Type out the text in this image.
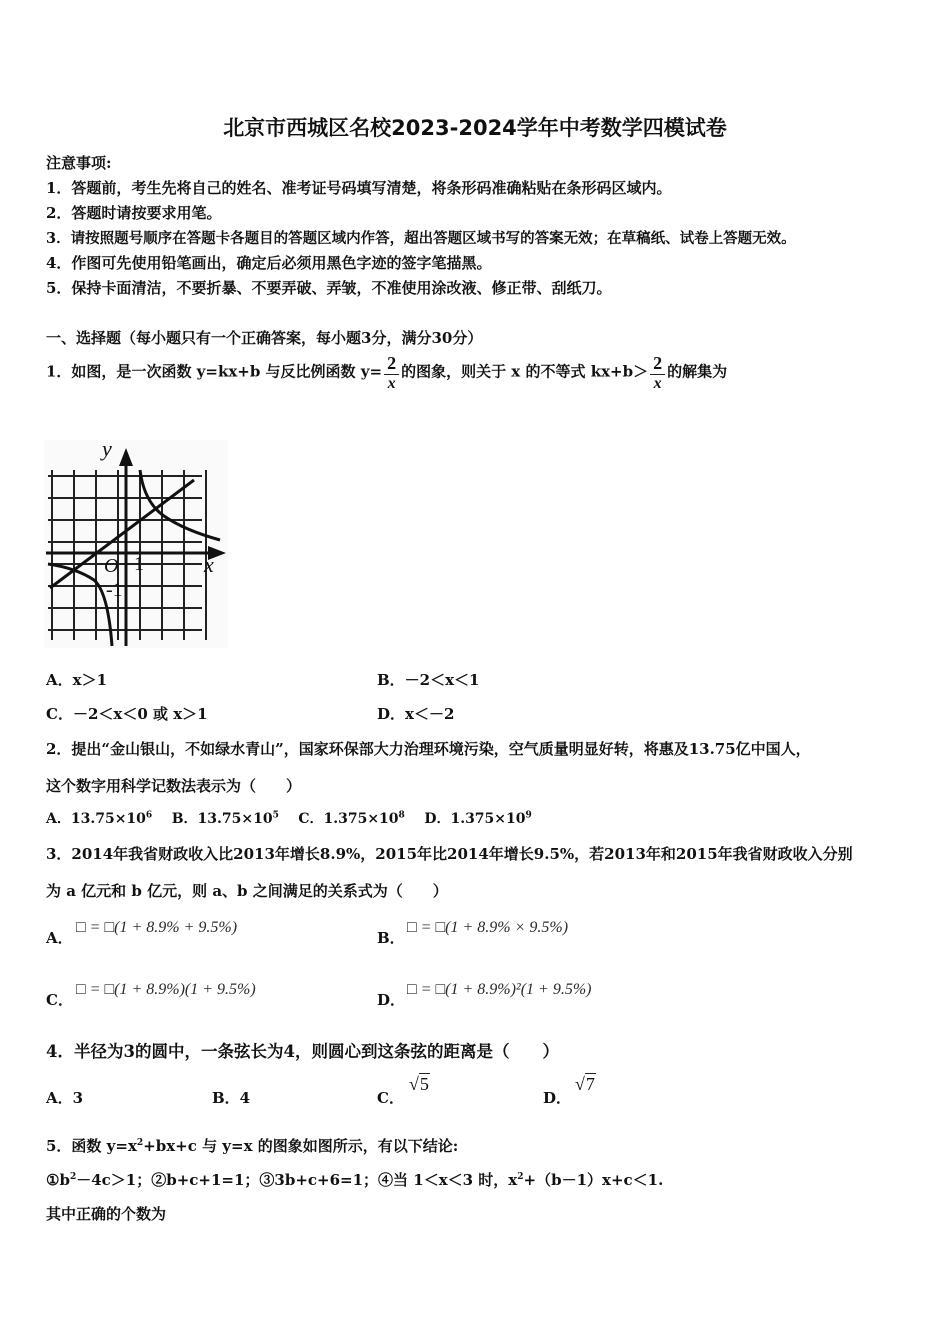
北京市西城区名校2023-2024学年中考数学四模试卷
注意事项:
1．答题前，考生先将自己的姓名、准考证号码填写清楚，将条形码准确粘贴在条形码区域内。
2．答题时请按要求用笔。
3．请按照题号顺序在答题卡各题目的答题区域内作答，超出答题区域书写的答案无效；在草稿纸、试卷上答题无效。
4．作图可先使用铅笔画出，确定后必须用黑色字迹的签字笔描黑。
5．保持卡面清洁，不要折暴、不要弄破、弄皱，不准使用涂改液、修正带、刮纸刀。
一、选择题（每小题只有一个正确答案，每小题3分，满分30分）
1．如图，是一次函数 y=kx+b 与反比例函数 $y= \frac{2}{x}$ 的图象，则关于 x 的不等式 $kx+b> \frac{2}{x}$ 的解集为
y
x
O 1
-1
A．x＞1	B．－2＜x＜1
C．－2＜x＜0 或 x＞1	D．x＜－2
2．提出“金山银山，不如绿水青山”，国家环保部大力治理环境污染，空气质量明显好转，将惠及13.75亿中国人，
这个数字用科学记数法表示为（　　）
A．$13.75\times 10^6$ B．$13.75\times 10^5$ C．$1.375\times 10^8$ D．$1.375\times 10^9$
3．2014年我省财政收入比2013年增长8.9%，2015年比2014年增长9.5%，若2013年和2015年我省财政收入分别
为 a 亿元和 b 亿元，则 a、b 之间满足的关系式为（　　）
A．
□ = □(1 + 8.9% + 9.5%)
B．
□ = □(1 + 8.9% × 9.5%)
C．
□ = □(1 + 8.9%)(1 + 9.5%)
D．
□ = □(1 + 8.9%)²(1 + 9.5%)
4．半径为3的圆中，一条弦长为4，则圆心到这条弦的距离是（　　）
A．3	B．4	C．
√5
D．
√7
5．函数 $y=x^2+bx+c$ 与 y=x 的图象如图所示，有以下结论:
$①b^2-4c>1$；②b+c+1=1；③3b+c+6=1；④当 1＜x＜3 时，$x^2+(b-1)x+c<1$.
其中正确的个数为
